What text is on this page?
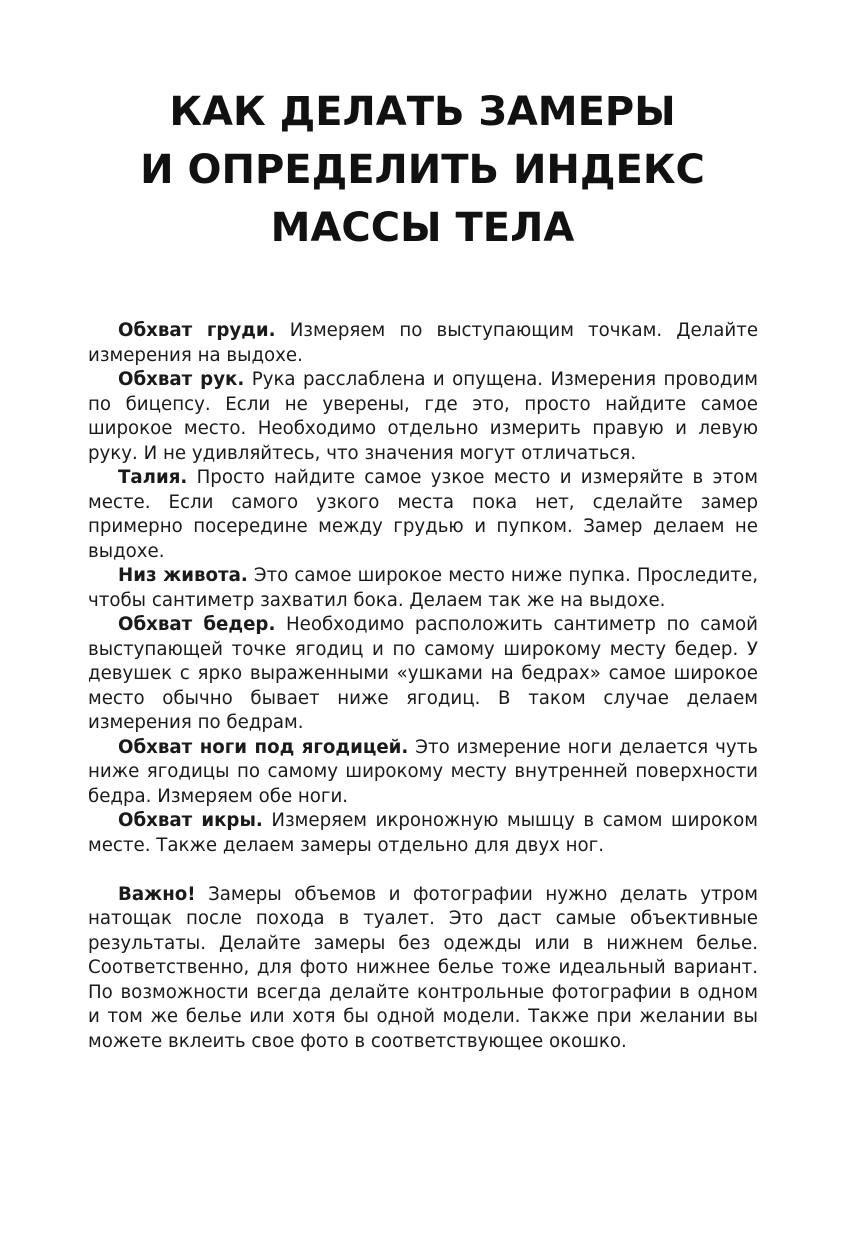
КАК ДЕЛАТЬ ЗАМЕРЫ
И ОПРЕДЕЛИТЬ ИНДЕКС
МАССЫ ТЕЛА

Обхват груди. Измеряем по выступающим точкам. Делайте измерения на выдохе.

Обхват рук. Рука расслаблена и опущена. Измерения проводим по бицепсу. Если не уверены, где это, просто найдите самое широкое место. Необходимо отдельно измерить правую и левую руку. И не удивляйтесь, что значения могут отличаться.

Талия. Просто найдите самое узкое место и измеряйте в этом месте. Если самого узкого места пока нет, сделайте замер примерно посередине между грудью и пупком. Замер делаем не выдохе.

Низ живота. Это самое широкое место ниже пупка. Проследите, чтобы сантиметр захватил бока. Делаем так же на выдохе.

Обхват бедер. Необходимо расположить сантиметр по самой выступающей точке ягодиц и по самому широкому месту бедер. У девушек с ярко выраженными «ушками на бедрах» самое широкое место обычно бывает ниже ягодиц. В таком случае делаем измерения по бедрам.

Обхват ноги под ягодицей. Это измерение ноги делается чуть ниже ягодицы по самому широкому месту внутренней поверхности бедра. Измеряем обе ноги.

Обхват икры. Измеряем икроножную мышцу в самом широком месте. Также делаем замеры отдельно для двух ног.

Важно! Замеры объемов и фотографии нужно делать утром натощак после похода в туалет. Это даст самые объективные результаты. Делайте замеры без одежды или в нижнем белье. Соответственно, для фото нижнее белье тоже идеальный вариант. По возможности всегда делайте контрольные фотографии в одном и том же белье или хотя бы одной модели. Также при желании вы можете вклеить свое фото в соответствующее окошко.
